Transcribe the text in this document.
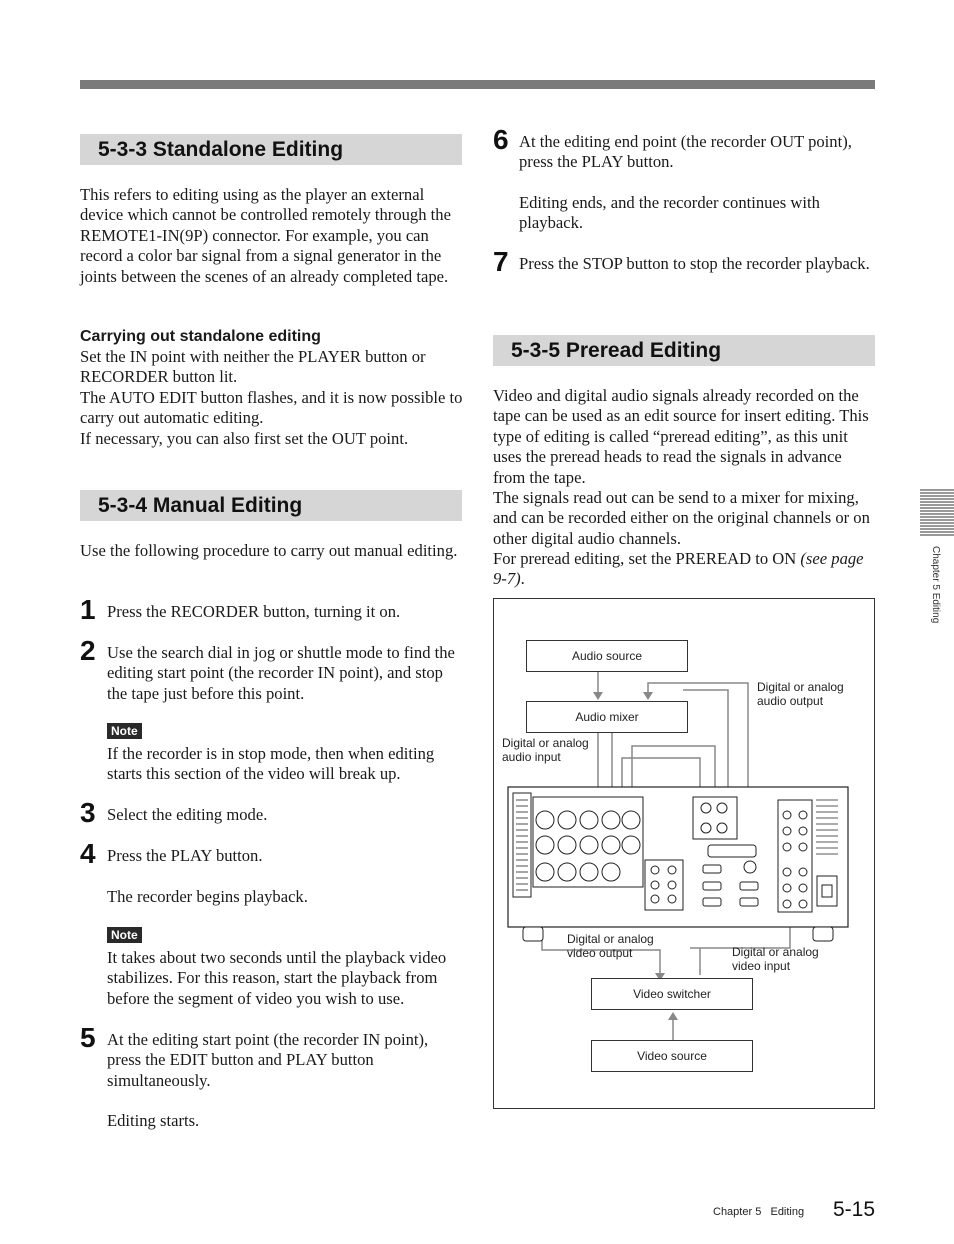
5-3-3 Standalone Editing

This refers to editing using as the player an external device which cannot be controlled remotely through the REMOTE1-IN(9P) connector. For example, you can record a color bar signal from a signal generator in the joints between the scenes of an already completed tape.

Carrying out standalone editing

Set the IN point with neither the PLAYER button or RECORDER button lit.

The AUTO EDIT button flashes, and it is now possible to carry out automatic editing.

If necessary, you can also first set the OUT point.

5-3-4 Manual Editing

Use the following procedure to carry out manual editing.

1 Press the RECORDER button, turning it on.

2 Use the search dial in jog or shuttle mode to find the editing start point (the recorder IN point), and stop the tape just before this point.

Note

If the recorder is in stop mode, then when editing starts this section of the video will break up.

3 Select the editing mode.

4 Press the PLAY button.

The recorder begins playback.

Note

It takes about two seconds until the playback video stabilizes. For this reason, start the playback from before the segment of video you wish to use.

5 At the editing start point (the recorder IN point), press the EDIT button and PLAY button simultaneously.

Editing starts.

6 At the editing end point (the recorder OUT point), press the PLAY button.

Editing ends, and the recorder continues with playback.

7 Press the STOP button to stop the recorder playback.

5-3-5 Preread Editing

Video and digital audio signals already recorded on the tape can be used as an edit source for insert editing. This type of editing is called “preread editing”, as this unit uses the preread heads to read the signals in advance from the tape.

The signals read out can be send to a mixer for mixing, and can be recorded either on the original channels or on other digital audio channels.

For preread editing, set the PREREAD to ON (see page 9-7).

Audio source
Audio mixer
Video switcher
Video source
Digital or analog
audio output
Digital or analog
audio input
Digital or analog
video output	Digital or analog
video input
Chapter 5 Editing
Chapter 5   Editing 5-15
